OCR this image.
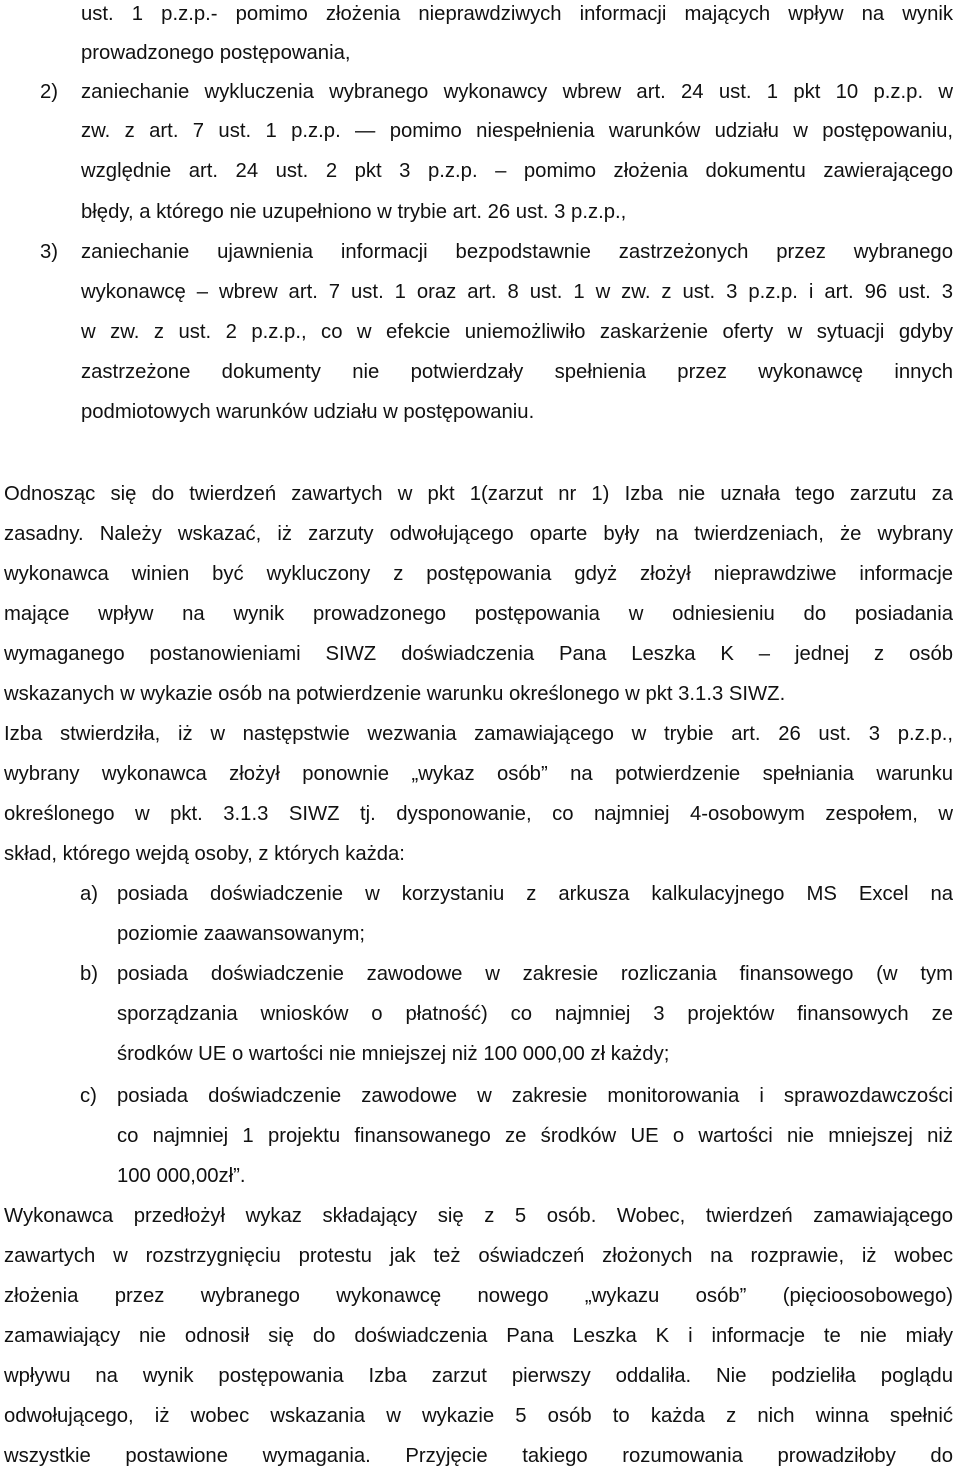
ust. 1 p.z.p.- pomimo złożenia nieprawdziwych informacji mających wpływ na wynik
prowadzonego postępowania,
2) zaniechanie wykluczenia wybranego wykonawcy wbrew art. 24 ust. 1 pkt 10 p.z.p. w
zw. z art. 7 ust. 1 p.z.p. — pomimo niespełnienia warunków udziału w postępowaniu,
względnie art. 24 ust. 2 pkt 3 p.z.p. – pomimo złożenia dokumentu zawierającego
błędy, a którego nie uzupełniono w trybie art. 26 ust. 3 p.z.p.,
3) zaniechanie ujawnienia informacji bezpodstawnie zastrzeżonych przez wybranego
wykonawcę – wbrew art. 7 ust. 1 oraz art. 8 ust. 1 w zw. z ust. 3 p.z.p. i art. 96 ust. 3
w zw. z ust. 2 p.z.p., co w efekcie uniemożliwiło zaskarżenie oferty w sytuacji gdyby
zastrzeżone dokumenty nie potwierdzały spełnienia przez wykonawcę innych
podmiotowych warunków udziału w postępowaniu.
Odnosząc się do twierdzeń zawartych w pkt 1(zarzut nr 1) Izba nie uznała tego zarzutu za
zasadny. Należy wskazać, iż zarzuty odwołującego oparte były na twierdzeniach, że wybrany
wykonawca winien być wykluczony z postępowania gdyż złożył nieprawdziwe informacje
mające wpływ na wynik prowadzonego postępowania w odniesieniu do posiadania
wymaganego postanowieniami SIWZ doświadczenia Pana Leszka K – jednej z osób
wskazanych w wykazie osób na potwierdzenie warunku określonego w pkt 3.1.3 SIWZ.
Izba stwierdziła, iż w następstwie wezwania zamawiającego w trybie art. 26 ust. 3 p.z.p.,
wybrany wykonawca złożył ponownie „wykaz osób” na potwierdzenie spełniania warunku
określonego w pkt. 3.1.3 SIWZ tj. dysponowanie, co najmniej 4-osobowym zespołem, w
skład, którego wejdą osoby, z których każda:
a) posiada doświadczenie w korzystaniu z arkusza kalkulacyjnego MS Excel na
poziomie zaawansowanym;
b) posiada doświadczenie zawodowe w zakresie rozliczania finansowego (w tym
sporządzania wniosków o płatność) co najmniej 3 projektów finansowych ze
środków UE o wartości nie mniejszej niż 100 000,00 zł każdy;
c) posiada doświadczenie zawodowe w zakresie monitorowania i sprawozdawczości
co najmniej 1 projektu finansowanego ze środków UE o wartości nie mniejszej niż
100 000,00zł”.
Wykonawca przedłożył wykaz składający się z 5 osób. Wobec, twierdzeń zamawiającego
zawartych w rozstrzygnięciu protestu jak też oświadczeń złożonych na rozprawie, iż wobec
złożenia przez wybranego wykonawcę nowego „wykazu osób” (pięcioosobowego)
zamawiający nie odnosił się do doświadczenia Pana Leszka K i informacje te nie miały
wpływu na wynik postępowania Izba zarzut pierwszy oddaliła. Nie podzieliła poglądu
odwołującego, iż wobec wskazania w wykazie 5 osób to każda z nich winna spełnić
wszystkie postawione wymagania. Przyjęcie takiego rozumowania prowadziłoby do
